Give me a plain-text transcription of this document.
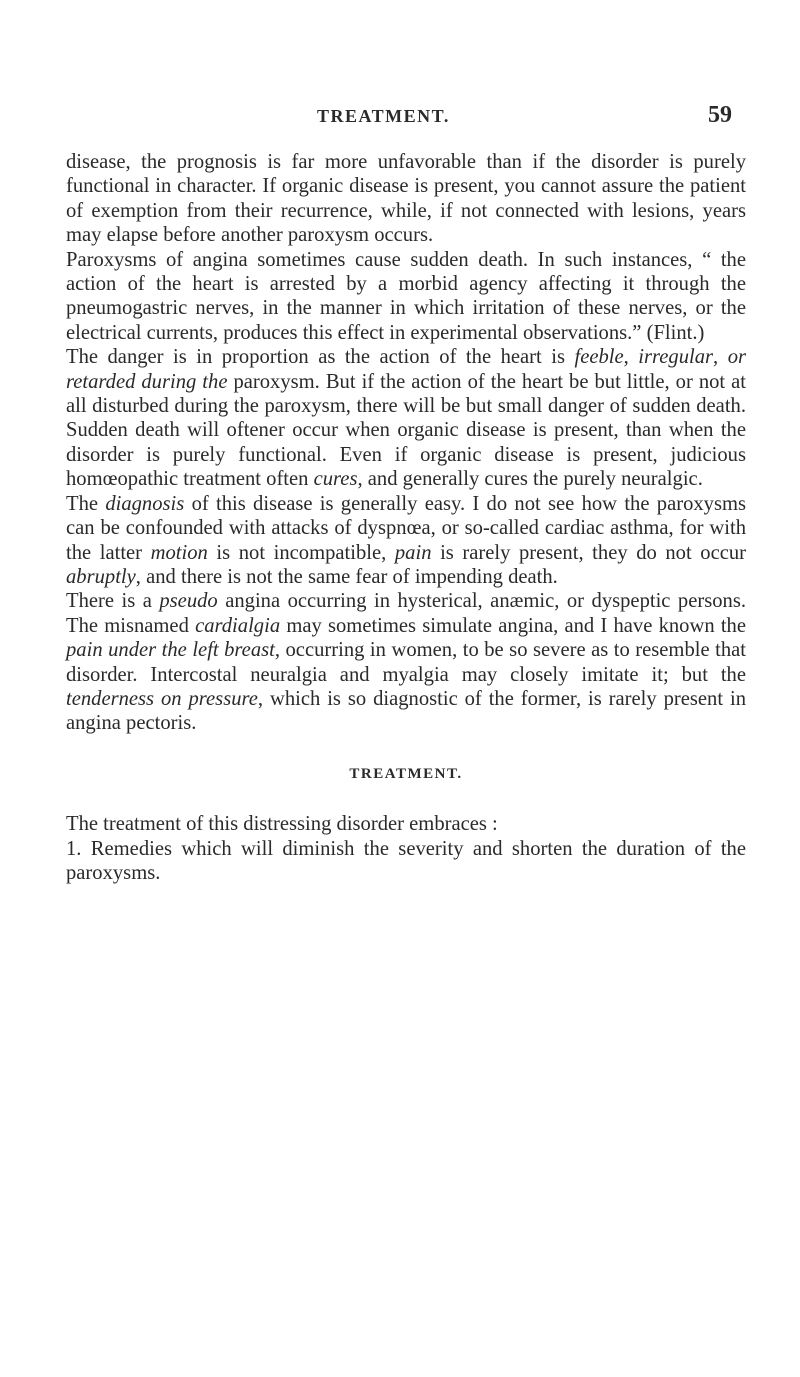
TREATMENT.	59

disease, the prognosis is far more unfavorable than if the disorder is purely functional in character. If organic disease is present, you cannot assure the patient of exemption from their recurrence, while, if not connected with lesions, years may elapse before another paroxysm occurs.

Paroxysms of angina sometimes cause sudden death. In such instances, “ the action of the heart is arrested by a morbid agency affecting it through the pneumogastric nerves, in the manner in which irritation of these nerves, or the electrical currents, produces this effect in experimental observations.” (Flint.)

The danger is in proportion as the action of the heart is feeble, irregular, or retarded during the paroxysm. But if the action of the heart be but little, or not at all disturbed during the paroxysm, there will be but small danger of sudden death. Sudden death will oftener occur when organic disease is present, than when the disorder is purely functional. Even if organic disease is present, judicious homœopathic treatment often cures, and generally cures the purely neuralgic.

The diagnosis of this disease is generally easy. I do not see how the paroxysms can be confounded with attacks of dyspnœa, or so-called cardiac asthma, for with the latter motion is not incompatible, pain is rarely present, they do not occur abruptly, and there is not the same fear of impending death.

There is a pseudo angina occurring in hysterical, anæmic, or dyspeptic persons. The misnamed cardialgia may sometimes simulate angina, and I have known the pain under the left breast, occurring in women, to be so severe as to resemble that disorder. Intercostal neuralgia and myalgia may closely imitate it; but the tenderness on pressure, which is so diagnostic of the former, is rarely present in angina pectoris.

TREATMENT.

The treatment of this distressing disorder embraces :

1. Remedies which will diminish the severity and shorten the duration of the paroxysms.
